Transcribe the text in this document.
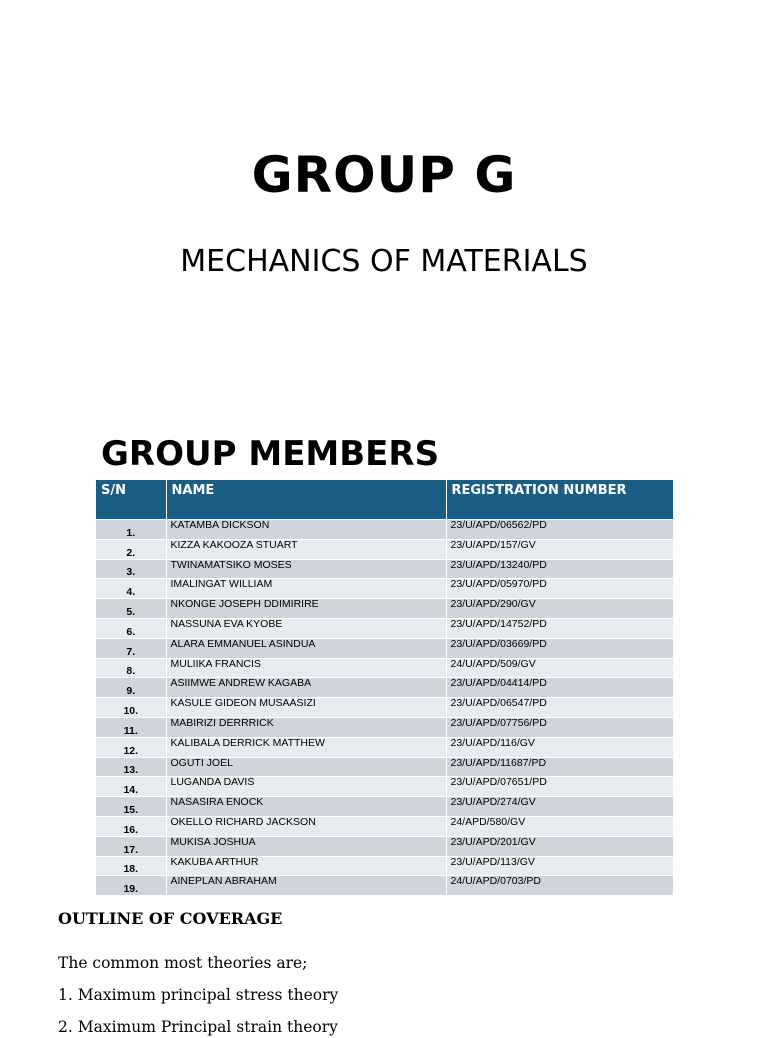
GROUP G
MECHANICS OF MATERIALS
GROUP MEMBERS
S/N	NAME	REGISTRATION NUMBER
1.	KATAMBA DICKSON	23/U/APD/06562/PD
2.	KIZZA KAKOOZA STUART	23/U/APD/157/GV
3.	TWINAMATSIKO MOSES	23/U/APD/13240/PD
4.	IMALINGAT WILLIAM	23/U/APD/05970/PD
5.	NKONGE JOSEPH DDIMIRIRE	23/U/APD/290/GV
6.	NASSUNA EVA KYOBE	23/U/APD/14752/PD
7.	ALARA EMMANUEL ASINDUA	23/U/APD/03669/PD
8.	MULIIKA FRANCIS	24/U/APD/509/GV
9.	ASIIMWE ANDREW KAGABA	23/U/APD/04414/PD
10.	KASULE GIDEON MUSAASIZI	23/U/APD/06547/PD
11.	MABIRIZI DERRRICK	23/U/APD/07756/PD
12.	KALIBALA DERRICK MATTHEW	23/U/APD/116/GV
13.	OGUTI JOEL	23/U/APD/11687/PD
14.	LUGANDA DAVIS	23/U/APD/07651/PD
15.	NASASIRA ENOCK	23/U/APD/274/GV
16.	OKELLO RICHARD JACKSON	24/APD/580/GV
17.	MUKISA JOSHUA	23/U/APD/201/GV
18.	KAKUBA ARTHUR	23/U/APD/113/GV
19.	AINEPLAN ABRAHAM	24/U/APD/0703/PD
OUTLINE OF COVERAGE
The common most theories are;
1. Maximum principal stress theory
2. Maximum Principal strain theory
